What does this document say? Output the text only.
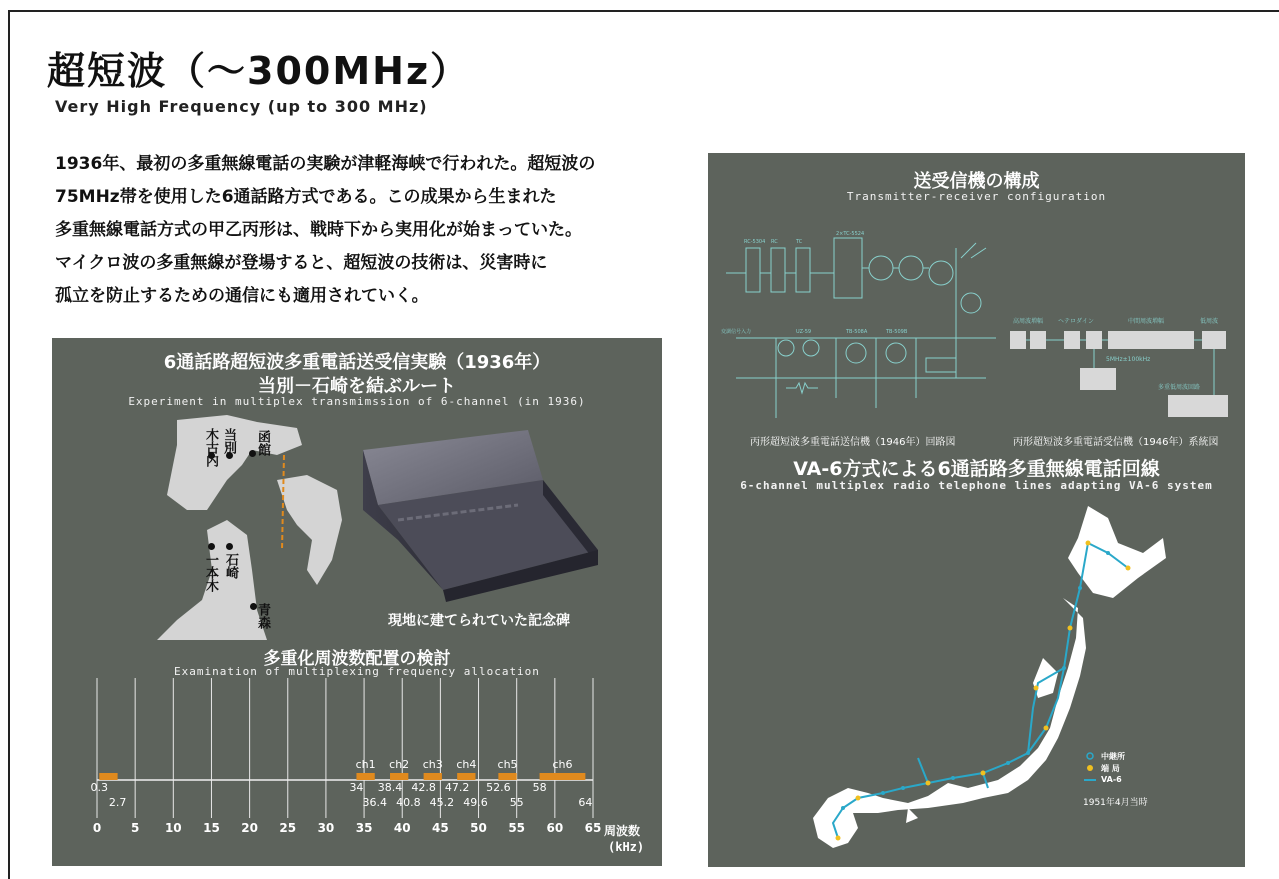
超短波（～300MHz）
Very High Frequency (up to 300 MHz)
1936年、最初の多重無線電話の実験が津軽海峡で行われた。超短波の
75MHz帯を使用した6通話路方式である。この成果から生まれた
多重無線電話方式の甲乙丙形は、戦時下から実用化が始まっていた。
マイクロ波の多重無線が登場すると、超短波の技術は、災害時に
孤立を防止するための通信にも適用されていく。
6通話路超短波多重電話送受信実験（1936年）
当別－石崎を結ぶルート
Experiment in multiplex transmimssion of 6-channel (in 1936)
木古内 当別 函館
一本木 石崎
青森	現地に建てられていた記念碑
多重化周波数配置の検討
Examination of multiplexing frequency allocation
0 5 10 15 20 25 30 35 40 45 50 55 60 65
0.3
2.7
ch1
34
36.4
ch2
38.4
40.8
ch3
42.8
45.2
ch4
47.2
49.6
ch5
52.6
55
ch6
58
64
周波数
(kHz)
送受信機の構成
Transmitter-receiver configuration
RC-5304 RC	TC
2×TC-5524
変調信号入力	UZ-59	TB-508A	TB-509B
高周波増幅 ヘテロダイン	中間周波増幅	低周波
5MHz±100kHz
多重低周波回路
丙形超短波多重電話送信機（1946年）回路図	丙形超短波多重電話受信機（1946年）系統図
VA-6方式による6通話路多重無線電話回線
6-channel multiplex radio telephone lines adapting VA-6 system
中継所
端 局
VA-6
1951年4月当時
